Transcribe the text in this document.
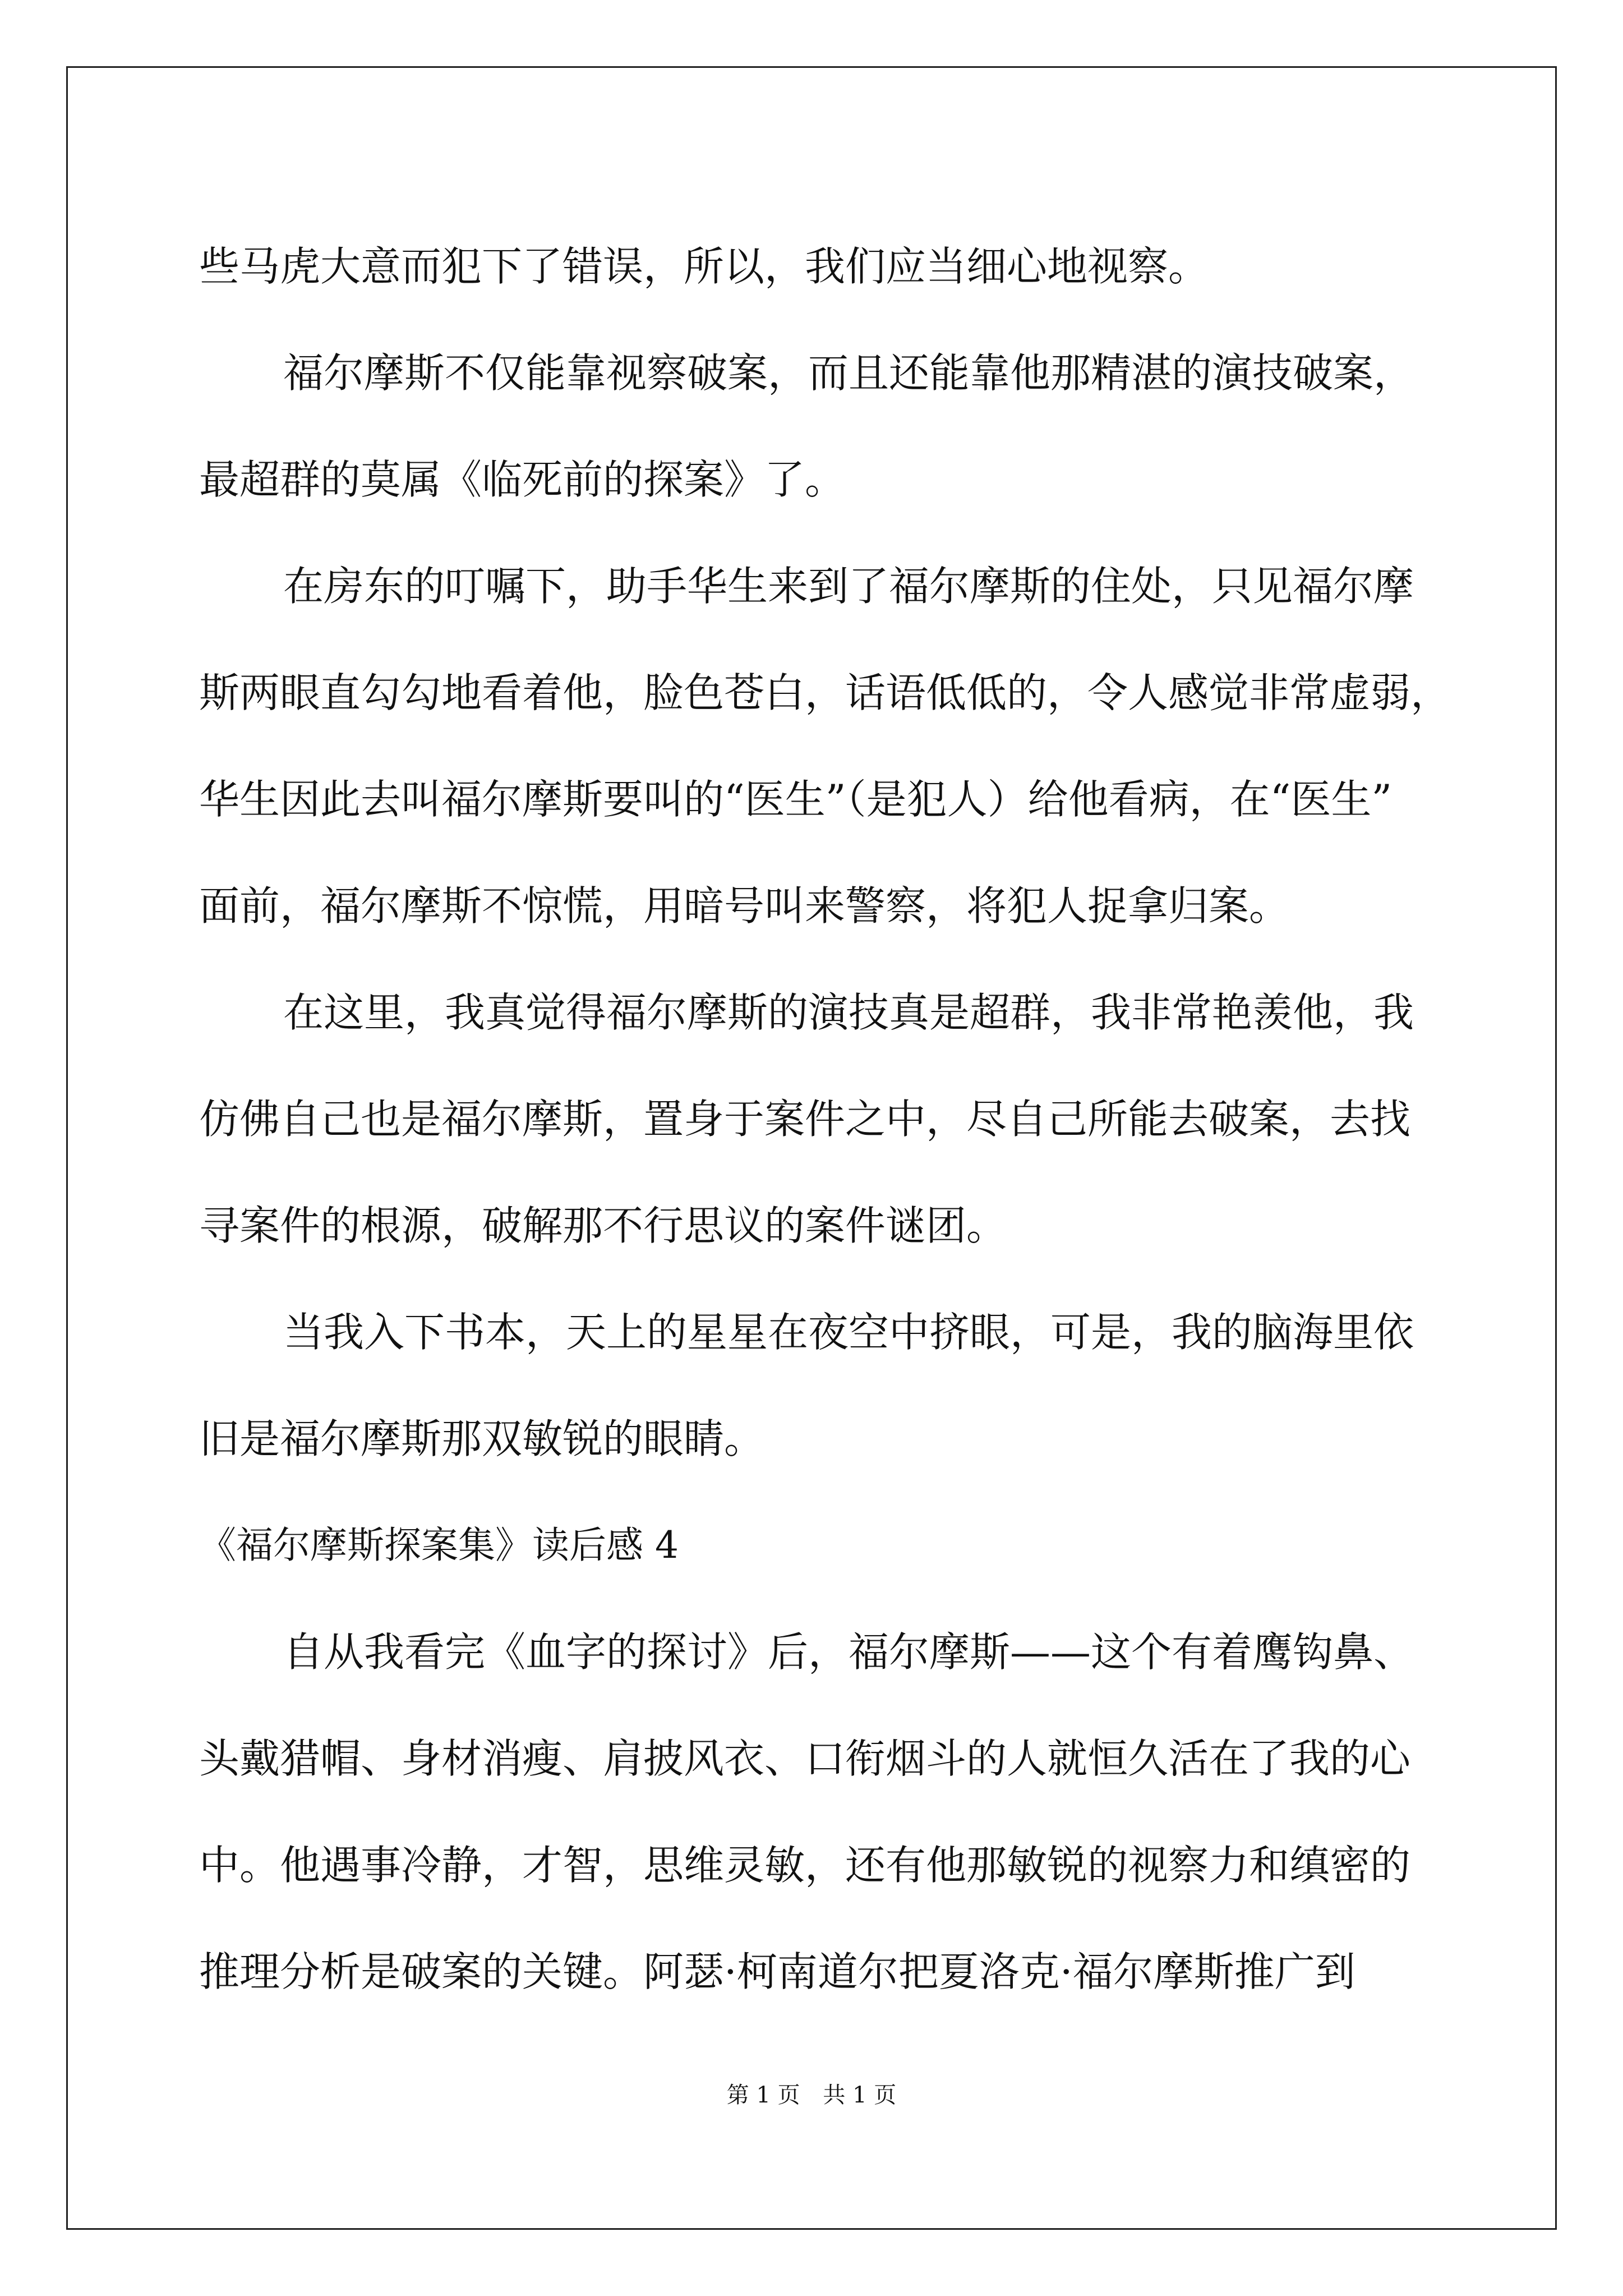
些马虎大意而犯下了错误，所以，我们应当细心地视察。
福尔摩斯不仅能靠视察破案，而且还能靠他那精湛的演技破案，
最超群的莫属《临死前的探案》了。
在房东的叮嘱下，助手华生来到了福尔摩斯的住处，只见福尔摩
斯两眼直勾勾地看着他，脸色苍白，话语低低的，令人感觉非常虚弱，
华生因此去叫福尔摩斯要叫的“医生”（是犯人）给他看病，在“医生”
面前，福尔摩斯不惊慌，用暗号叫来警察，将犯人捉拿归案。
在这里，我真觉得福尔摩斯的演技真是超群，我非常艳羡他，我
仿佛自己也是福尔摩斯，置身于案件之中，尽自己所能去破案，去找
寻案件的根源，破解那不行思议的案件谜团。
当我入下书本，天上的星星在夜空中挤眼，可是，我的脑海里依
旧是福尔摩斯那双敏锐的眼睛。
《福尔摩斯探案集》读后感 4
自从我看完《血字的探讨》后，福尔摩斯——这个有着鹰钩鼻、
头戴猎帽、身材消瘦、肩披风衣、口衔烟斗的人就恒久活在了我的心
中。他遇事冷静，才智，思维灵敏，还有他那敏锐的视察力和缜密的
推理分析是破案的关键。阿瑟·柯南道尔把夏洛克·福尔摩斯推广到
第 1 页 共 1 页
